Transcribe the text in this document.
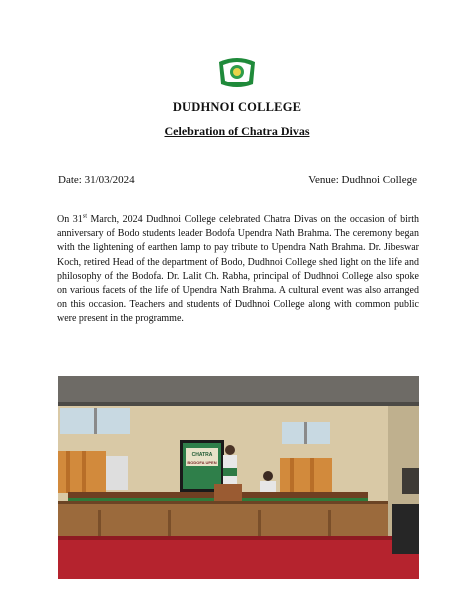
DUDHNOI COLLEGE
Celebration of Chatra Divas
Date: 31/03/2024	Venue: Dudhnoi College

On 31st March, 2024 Dudhnoi College celebrated Chatra Divas on the occasion of birth anniversary of Bodo students leader Bodofa Upendra Nath Brahma. The ceremony began with the lightening of earthen lamp to pay tribute to Upendra Nath Brahma. Dr. Jibeswar Koch, retired Head of the department of Bodo, Dudhnoi College shed light on the life and philosophy of the Bodofa. Dr. Lalit Ch. Rabha, principal of Dudhnoi College also spoke on various facets of the life of Upendra Nath Brahma. A cultural event was also arranged on this occasion. Teachers and students of Dudhnoi College along with common public were present in the programme.

CHATRA
BODOFA UPEN
